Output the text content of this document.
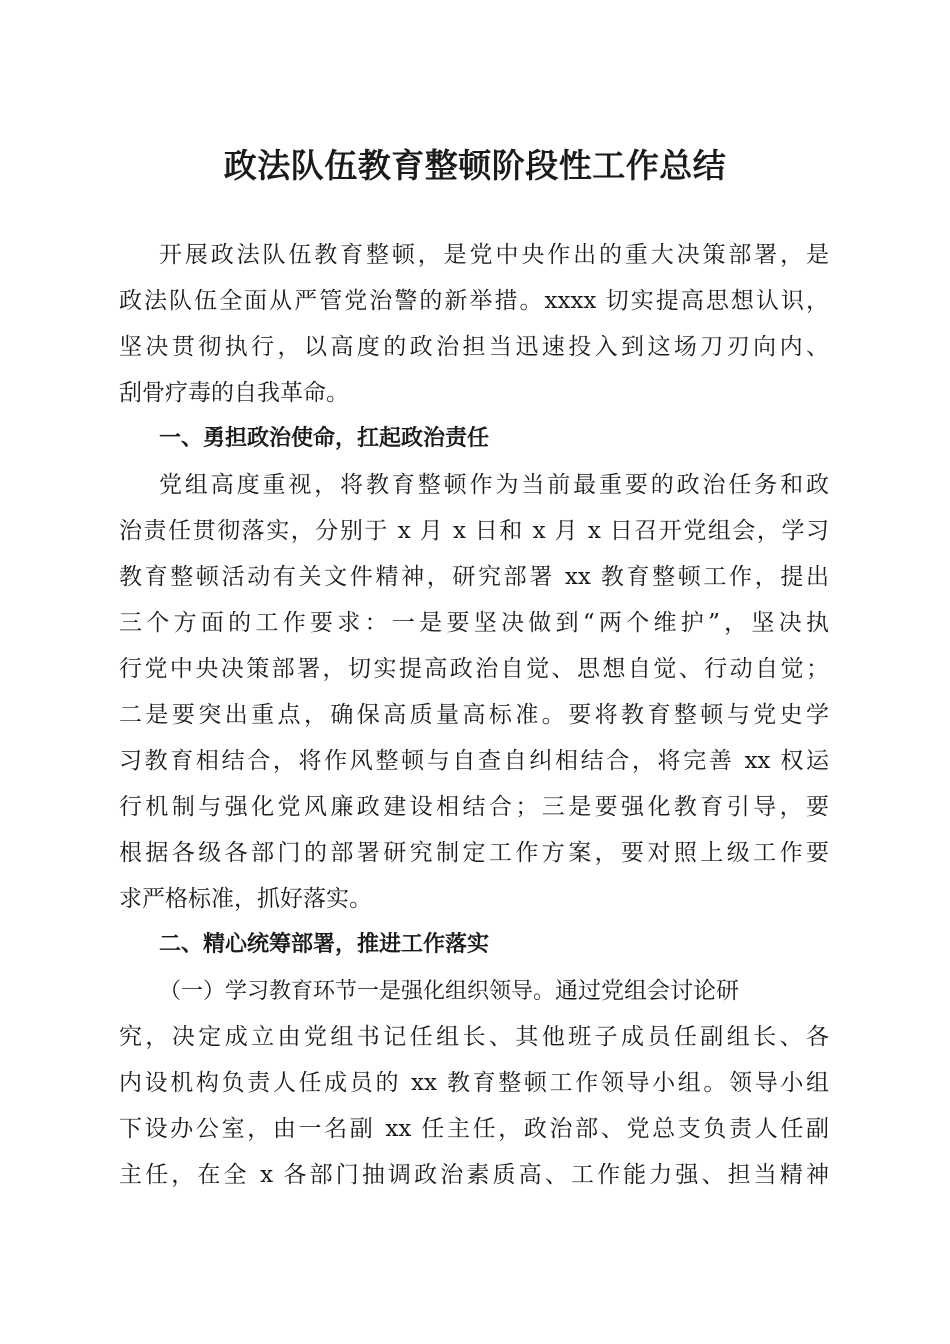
政法队伍教育整顿阶段性工作总结
开展政法队伍教育整顿，是党中央作出的重大决策部署，是
政法队伍全面从严管党治警的新举措。xxxx 切实提高思想认识，
坚决贯彻执行，以高度的政治担当迅速投入到这场刀刃向内、
刮骨疗毒的自我革命。
一、勇担政治使命，扛起政治责任
党组高度重视，将教育整顿作为当前最重要的政治任务和政
治责任贯彻落实，分别于 x 月 x 日和 x 月 x 日召开党组会，学习
教育整顿活动有关文件精神，研究部署 xx 教育整顿工作，提出
三个方面的工作要求：一是要坚决做到“两个维护”，坚决执
行党中央决策部署，切实提高政治自觉、思想自觉、行动自觉；
二是要突出重点，确保高质量高标准。要将教育整顿与党史学
习教育相结合，将作风整顿与自查自纠相结合，将完善 xx 权运
行机制与强化党风廉政建设相结合；三是要强化教育引导，要
根据各级各部门的部署研究制定工作方案，要对照上级工作要
求严格标准，抓好落实。
二、精心统筹部署，推进工作落实
（一）学习教育环节一是强化组织领导。通过党组会讨论研
究，决定成立由党组书记任组长、其他班子成员任副组长、各
内设机构负责人任成员的 xx 教育整顿工作领导小组。领导小组
下设办公室，由一名副 xx 任主任，政治部、党总支负责人任副
主任，在全 x 各部门抽调政治素质高、工作能力强、担当精神
